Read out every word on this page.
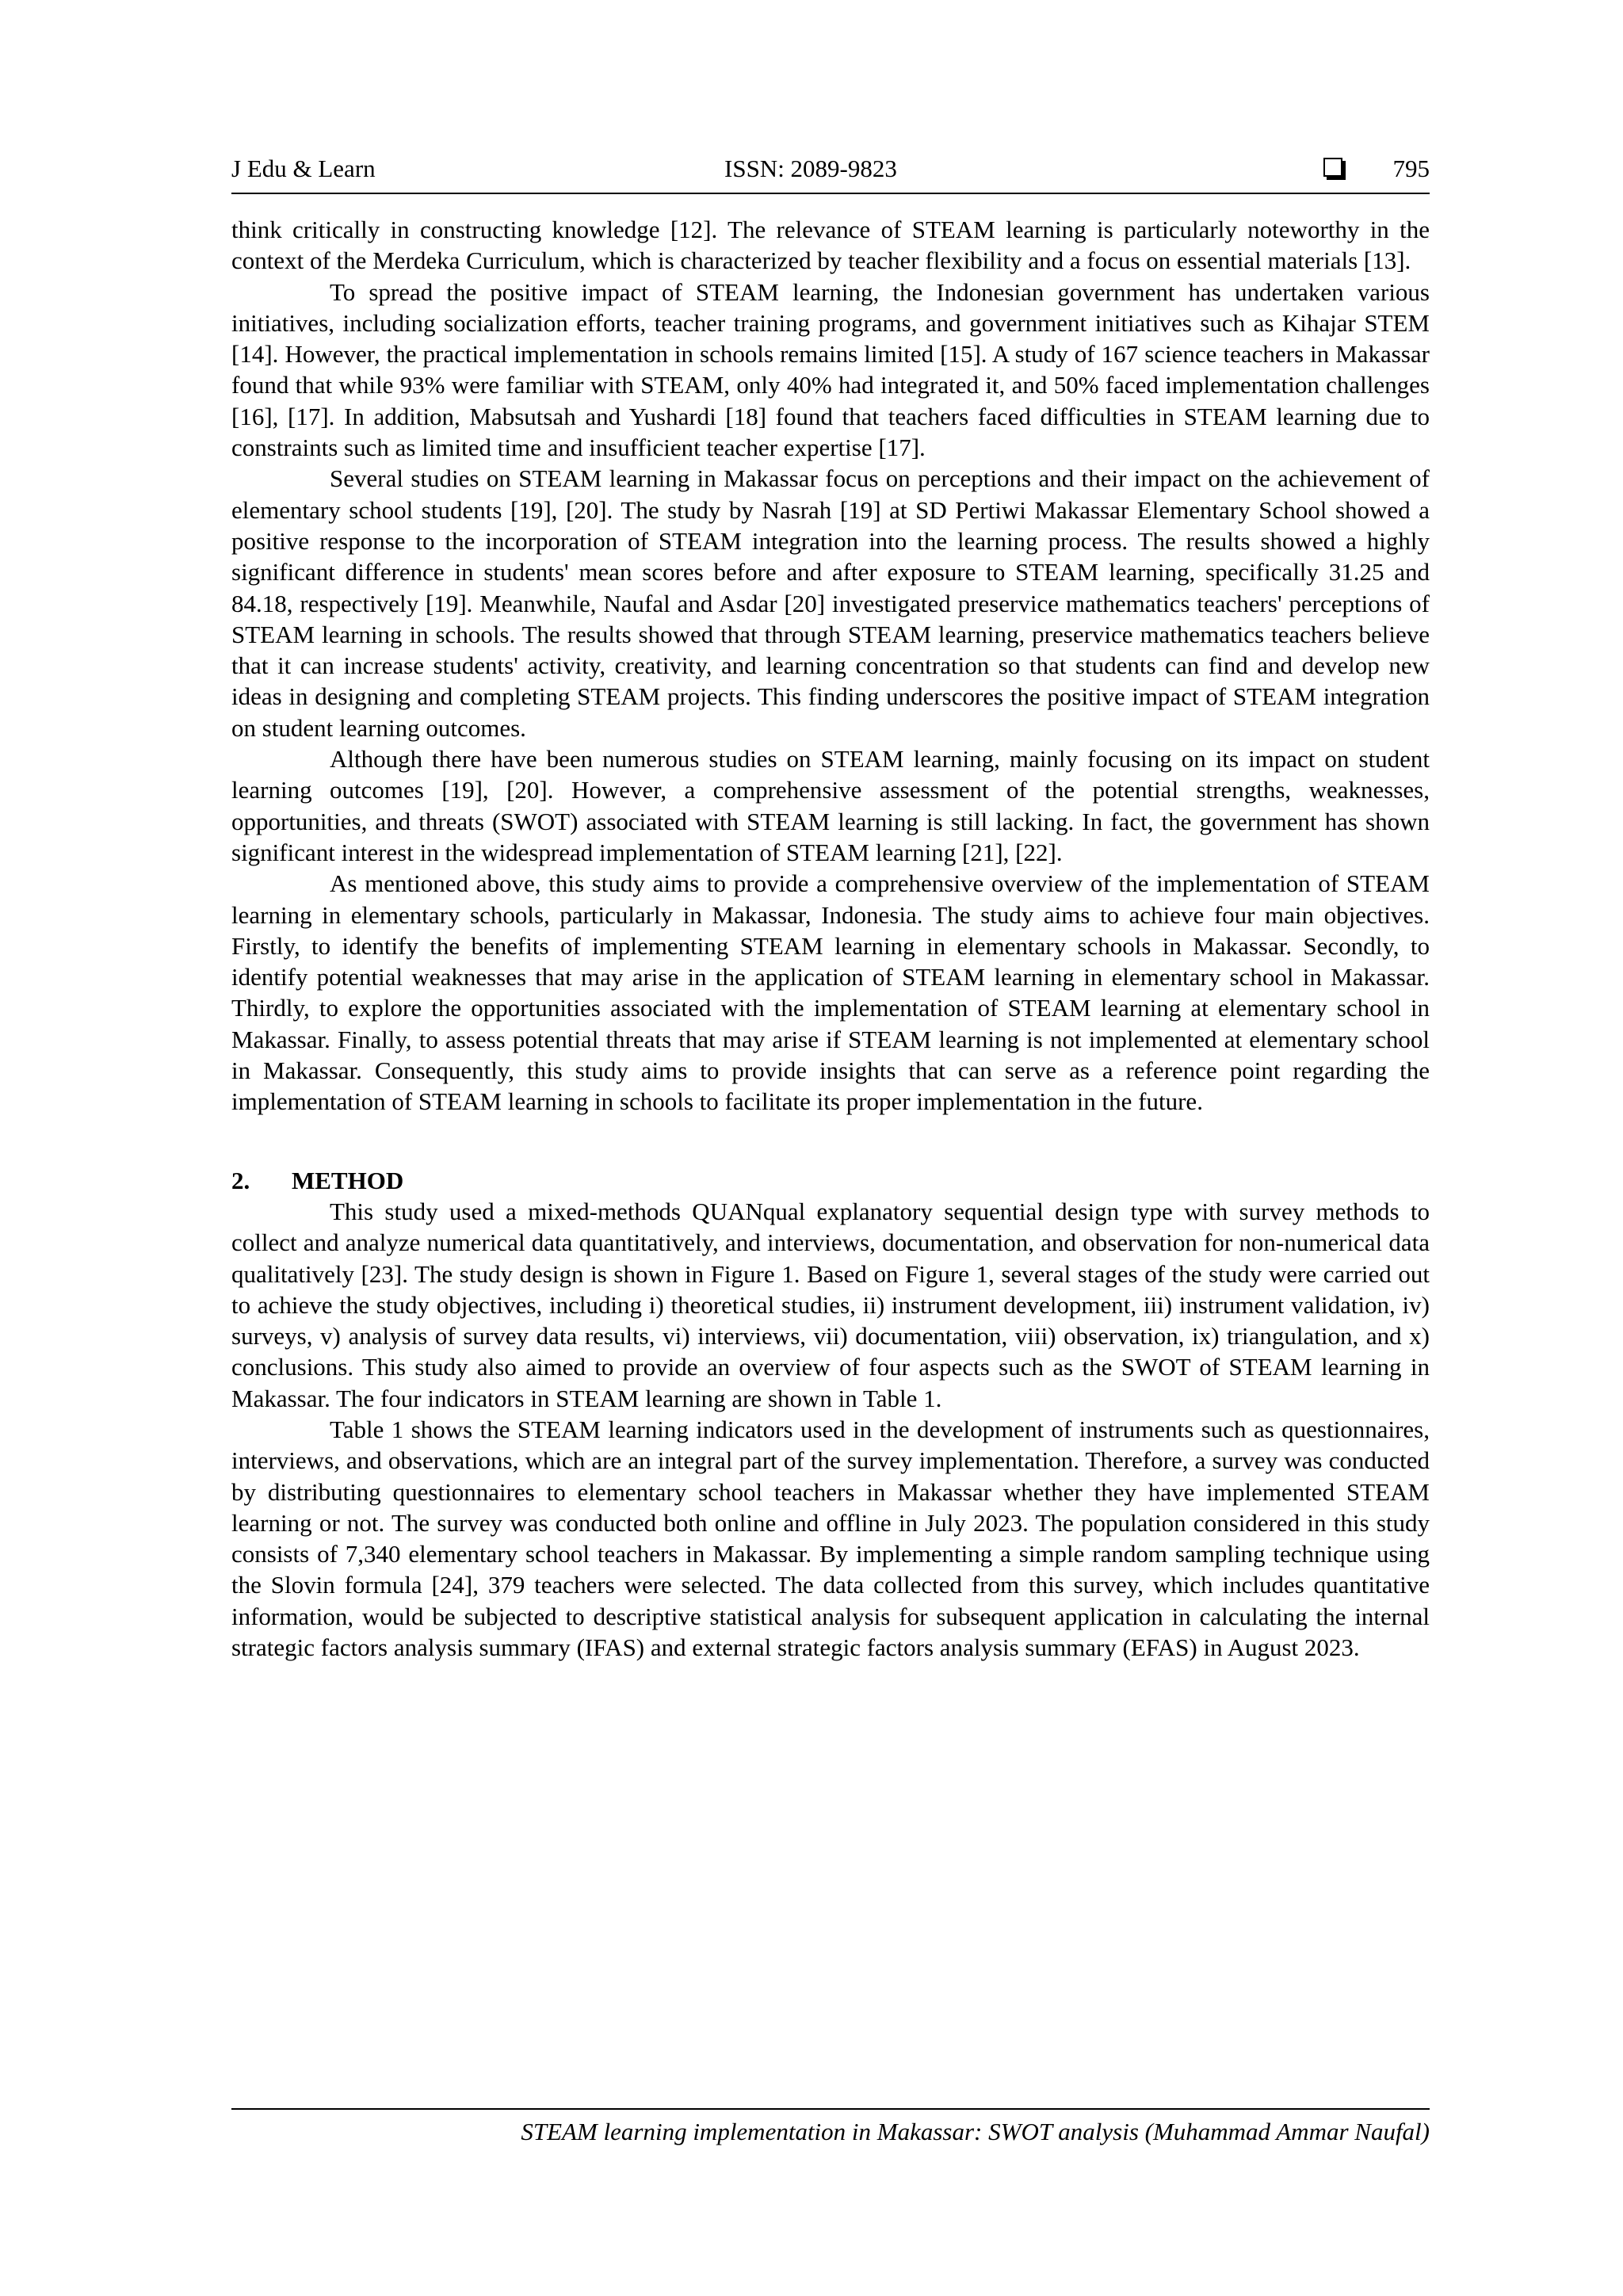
J Edu & Learn	ISSN: 2089-9823	795

think critically in constructing knowledge [12]. The relevance of STEAM learning is particularly noteworthy in the context of the Merdeka Curriculum, which is characterized by teacher flexibility and a focus on essential materials [13].

To spread the positive impact of STEAM learning, the Indonesian government has undertaken various initiatives, including socialization efforts, teacher training programs, and government initiatives such as Kihajar STEM [14]. However, the practical implementation in schools remains limited [15]. A study of 167 science teachers in Makassar found that while 93% were familiar with STEAM, only 40% had integrated it, and 50% faced implementation challenges [16], [17]. In addition, Mabsutsah and Yushardi [18] found that teachers faced difficulties in STEAM learning due to constraints such as limited time and insufficient teacher expertise [17].

Several studies on STEAM learning in Makassar focus on perceptions and their impact on the achievement of elementary school students [19], [20]. The study by Nasrah [19] at SD Pertiwi Makassar Elementary School showed a positive response to the incorporation of STEAM integration into the learning process. The results showed a highly significant difference in students' mean scores before and after exposure to STEAM learning, specifically 31.25 and 84.18, respectively [19]. Meanwhile, Naufal and Asdar [20] investigated preservice mathematics teachers' perceptions of STEAM learning in schools. The results showed that through STEAM learning, preservice mathematics teachers believe that it can increase students' activity, creativity, and learning concentration so that students can find and develop new ideas in designing and completing STEAM projects. This finding underscores the positive impact of STEAM integration on student learning outcomes.

Although there have been numerous studies on STEAM learning, mainly focusing on its impact on student learning outcomes [19], [20]. However, a comprehensive assessment of the potential strengths, weaknesses, opportunities, and threats (SWOT) associated with STEAM learning is still lacking. In fact, the government has shown significant interest in the widespread implementation of STEAM learning [21], [22].

As mentioned above, this study aims to provide a comprehensive overview of the implementation of STEAM learning in elementary schools, particularly in Makassar, Indonesia. The study aims to achieve four main objectives. Firstly, to identify the benefits of implementing STEAM learning in elementary schools in Makassar. Secondly, to identify potential weaknesses that may arise in the application of STEAM learning in elementary school in Makassar. Thirdly, to explore the opportunities associated with the implementation of STEAM learning at elementary school in Makassar. Finally, to assess potential threats that may arise if STEAM learning is not implemented at elementary school in Makassar. Consequently, this study aims to provide insights that can serve as a reference point regarding the implementation of STEAM learning in schools to facilitate its proper implementation in the future.

2. METHOD

This study used a mixed-methods QUANqual explanatory sequential design type with survey methods to collect and analyze numerical data quantitatively, and interviews, documentation, and observation for non-numerical data qualitatively [23]. The study design is shown in Figure 1. Based on Figure 1, several stages of the study were carried out to achieve the study objectives, including i) theoretical studies, ii) instrument development, iii) instrument validation, iv) surveys, v) analysis of survey data results, vi) interviews, vii) documentation, viii) observation, ix) triangulation, and x) conclusions. This study also aimed to provide an overview of four aspects such as the SWOT of STEAM learning in Makassar. The four indicators in STEAM learning are shown in Table 1.

Table 1 shows the STEAM learning indicators used in the development of instruments such as questionnaires, interviews, and observations, which are an integral part of the survey implementation. Therefore, a survey was conducted by distributing questionnaires to elementary school teachers in Makassar whether they have implemented STEAM learning or not. The survey was conducted both online and offline in July 2023. The population considered in this study consists of 7,340 elementary school teachers in Makassar. By implementing a simple random sampling technique using the Slovin formula [24], 379 teachers were selected. The data collected from this survey, which includes quantitative information, would be subjected to descriptive statistical analysis for subsequent application in calculating the internal strategic factors analysis summary (IFAS) and external strategic factors analysis summary (EFAS) in August 2023.

STEAM learning implementation in Makassar: SWOT analysis (Muhammad Ammar Naufal)
